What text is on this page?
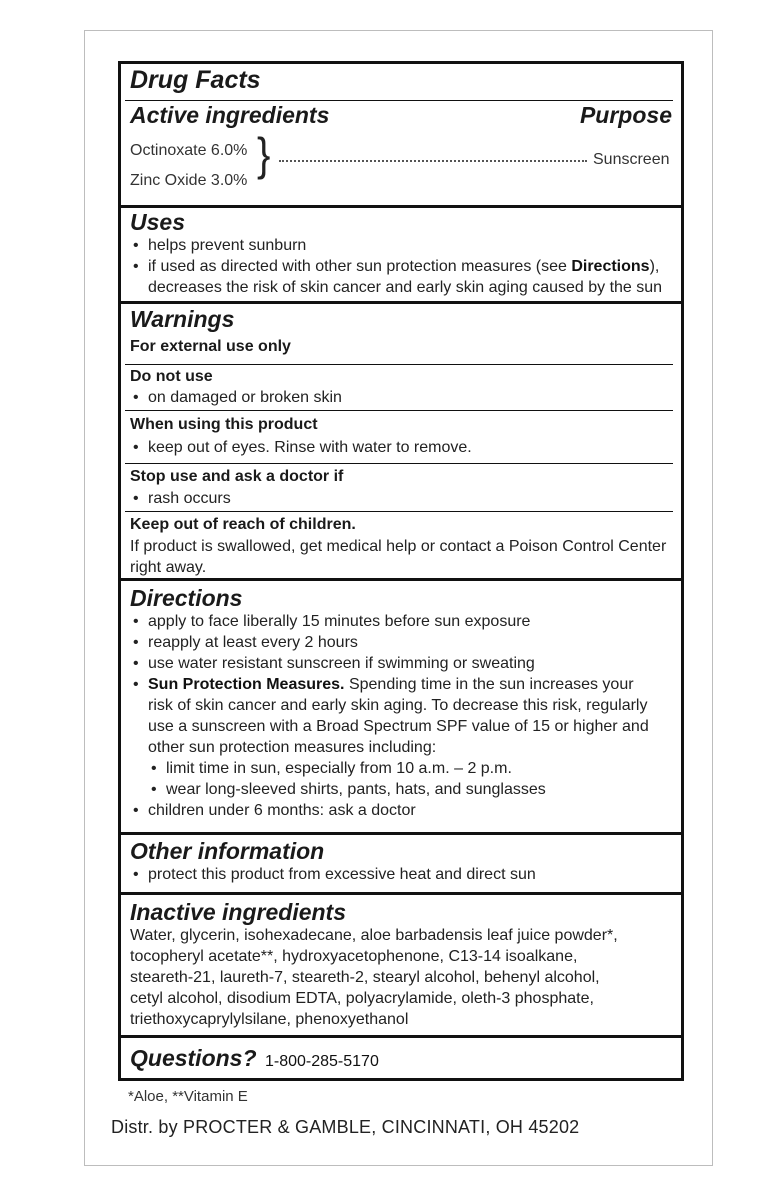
Drug Facts
Active ingredients	Purpose
Octinoxate 6.0%
Zinc Oxide 3.0%
}	Sunscreen
Uses
• helps prevent sunburn
• if used as directed with other sun protection measures (see Directions),
decreases the risk of skin cancer and early skin aging caused by the sun
Warnings
For external use only
Do not use
• on damaged or broken skin
When using this product
• keep out of eyes. Rinse with water to remove.
Stop use and ask a doctor if
• rash occurs
Keep out of reach of children.
If product is swallowed, get medical help or contact a Poison Control Center
right away.
Directions
• apply to face liberally 15 minutes before sun exposure
• reapply at least every 2 hours
• use water resistant sunscreen if swimming or sweating
• Sun Protection Measures. Spending time in the sun increases your
risk of skin cancer and early skin aging. To decrease this risk, regularly
use a sunscreen with a Broad Spectrum SPF value of 15 or higher and
other sun protection measures including:
• limit time in sun, especially from 10 a.m. – 2 p.m.
• wear long-sleeved shirts, pants, hats, and sunglasses
• children under 6 months: ask a doctor
Other information
• protect this product from excessive heat and direct sun
Inactive ingredients
Water, glycerin, isohexadecane, aloe barbadensis leaf juice powder*,
tocopheryl acetate**, hydroxyacetophenone, C13-14 isoalkane,
steareth-21, laureth-7, steareth-2, stearyl alcohol, behenyl alcohol,
cetyl alcohol, disodium EDTA, polyacrylamide, oleth-3 phosphate,
triethoxycaprylylsilane, phenoxyethanol
Questions? 1-800-285-5170
*Aloe, **Vitamin E
Distr. by PROCTER & GAMBLE, CINCINNATI, OH 45202
